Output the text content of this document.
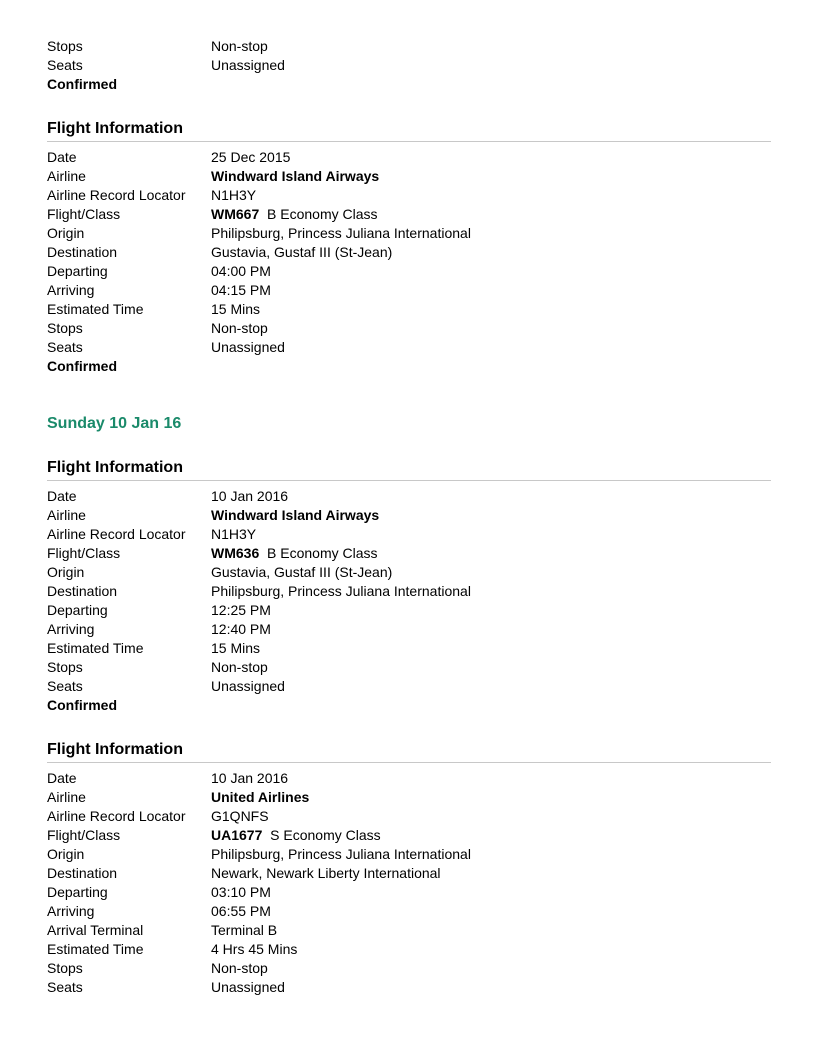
Stops	Non-stop
Seats	Unassigned
Confirmed
Flight Information
Date	25 Dec 2015
Airline	Windward Island Airways
Airline Record Locator	N1H3Y
Flight/Class	WM667 B Economy Class
Origin	Philipsburg, Princess Juliana International
Destination	Gustavia, Gustaf III (St-Jean)
Departing	04:00 PM
Arriving	04:15 PM
Estimated Time	15 Mins
Stops	Non-stop
Seats	Unassigned
Confirmed
Sunday 10 Jan 16
Flight Information
Date	10 Jan 2016
Airline	Windward Island Airways
Airline Record Locator	N1H3Y
Flight/Class	WM636 B Economy Class
Origin	Gustavia, Gustaf III (St-Jean)
Destination	Philipsburg, Princess Juliana International
Departing	12:25 PM
Arriving	12:40 PM
Estimated Time	15 Mins
Stops	Non-stop
Seats	Unassigned
Confirmed
Flight Information
Date	10 Jan 2016
Airline	United Airlines
Airline Record Locator	G1QNFS
Flight/Class	UA1677 S Economy Class
Origin	Philipsburg, Princess Juliana International
Destination	Newark, Newark Liberty International
Departing	03:10 PM
Arriving	06:55 PM
Arrival Terminal	Terminal B
Estimated Time	4 Hrs 45 Mins
Stops	Non-stop
Seats	Unassigned
